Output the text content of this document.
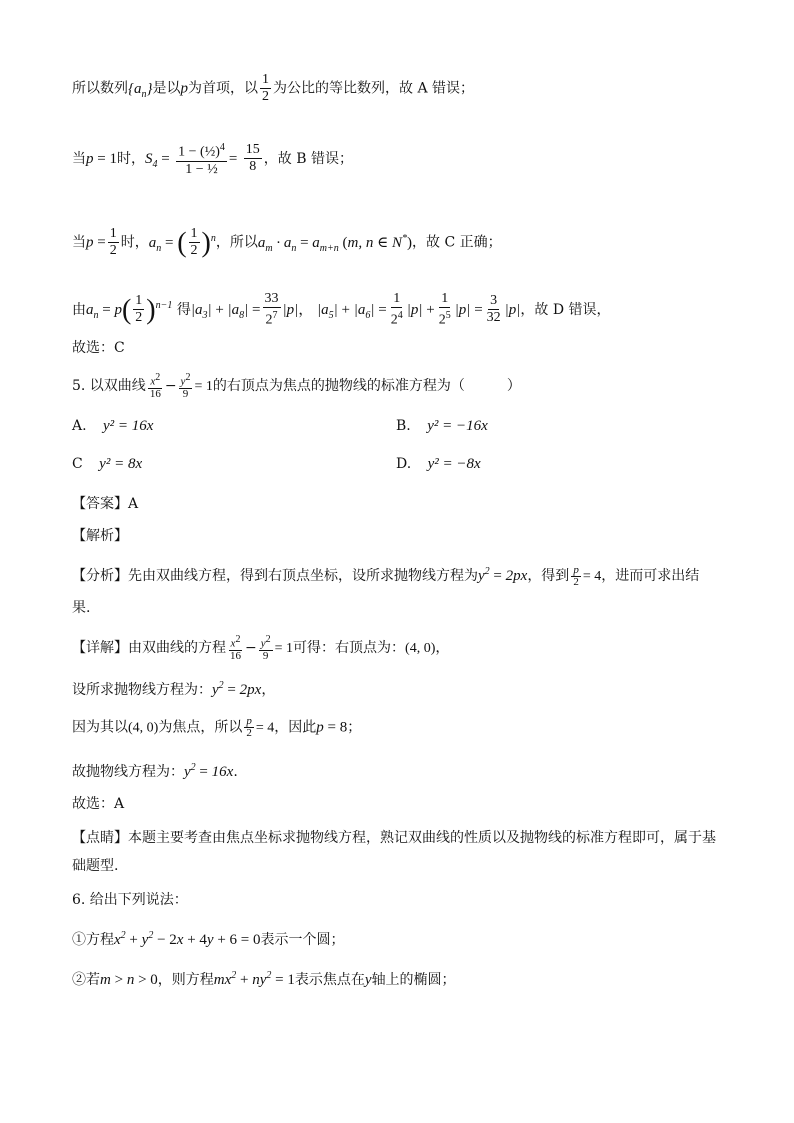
所以数列$\{a_n\}$是以p为首项，以 $\frac{1}{2}$ 为公比的等比数列，故 A 错误；
当p = 1时，$S_4 = \frac{1 - (\frac{1}{2})^4}{\text{1 − ½}} = \frac{15}{8}$ ，故 B 错误；
当$p = \frac{1}{2}$ 时，$a_n$ = ( $\frac{1}{2} )^n$，所以$a_m \cdot a_n = a_{m+n}$ (m, n ∈ N*)，故 C 正确；
由$a_n = p( \frac{1}{2} )^{n-1}$ 得$|a_3| + |a_8| = \frac{33}{2^7} |p|$， $|a_5| + |a_6| = \frac{1}{2^4} |p| + \frac{1}{2^5} |p| = \frac{3}{32} |p|$，故 D 错误，
故选：C
5. 以双曲线 $\frac{x^2}{16} - \frac{y^2}{9} = 1$的右顶点为焦点的抛物线的标准方程为（　　　）
A. y² = 16x	B. y² = −16x
C y² = 8x	D. y² = −8x
【答案】A
【解析】
【分析】先由双曲线方程，得到右顶点坐标，设所求抛物线方程为$y^2 = 2px$，得到 $\frac{p}{2} = 4$，进而可求出结
果.
【详解】由双曲线的方程 $\frac{x^2}{16} - \frac{y^2}{9} = 1$可得：右顶点为：(4, 0)，
设所求抛物线方程为：$y^2 = 2px$，
因为其以(4, 0)为焦点，所以 $\frac{p}{2} = 4$，因此p = 8；
故抛物线方程为：$y^2 = 16x$.
故选：A
【点睛】本题主要考查由焦点坐标求抛物线方程，熟记双曲线的性质以及抛物线的标准方程即可，属于基
础题型.
6. 给出下列说法：
①方程$x^2 + y^2 - 2x + 4y + 6 = 0$表示一个圆；
②若m > n > 0，则方程$mx^2 + ny^2 = 1$表示焦点在y轴上的椭圆；
